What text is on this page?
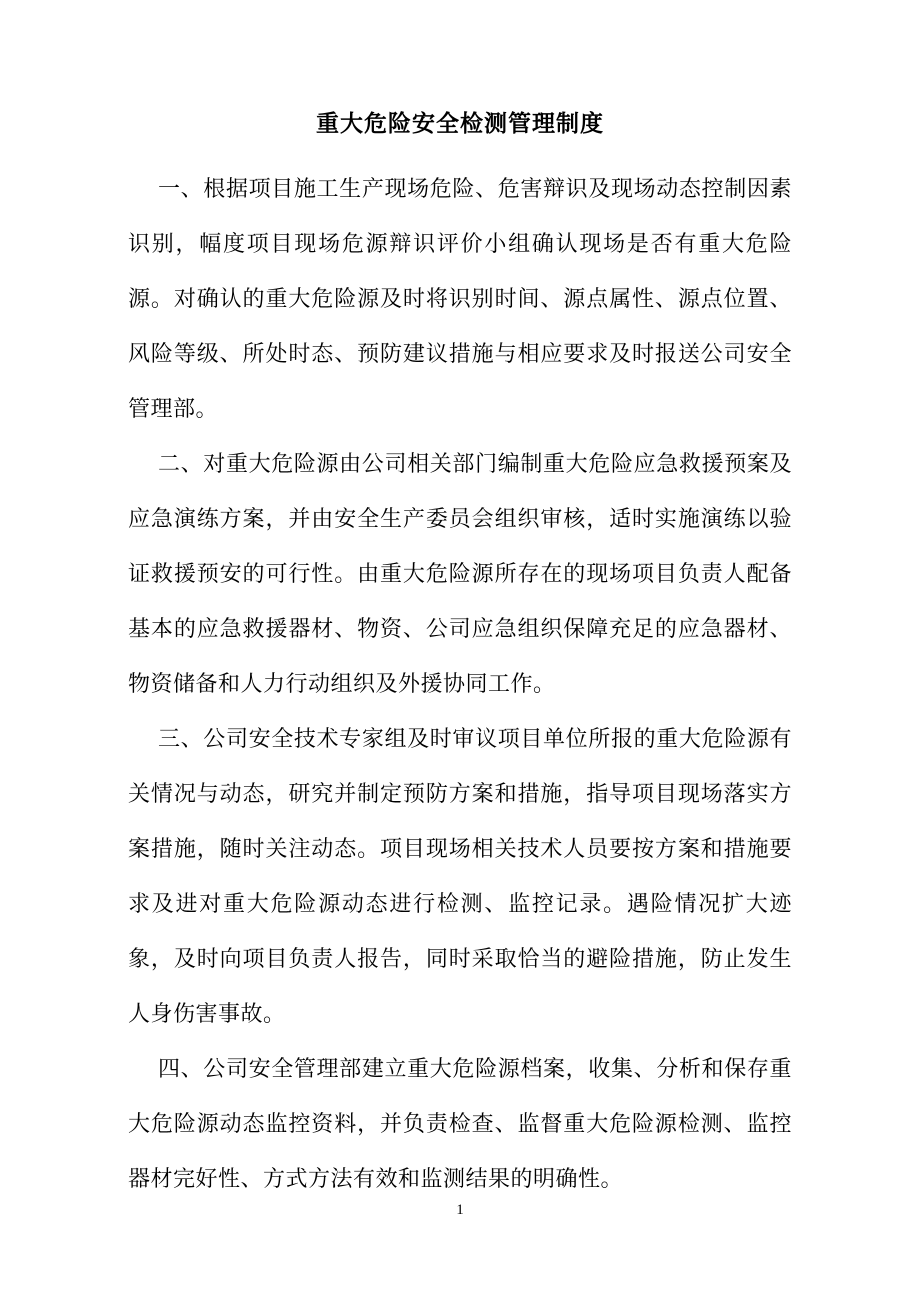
重大危险安全检测管理制度

一、根据项目施工生产现场危险、危害辩识及现场动态控制因素识别，幅度项目现场危源辩识评价小组确认现场是否有重大危险源。对确认的重大危险源及时将识别时间、源点属性、源点位置、风险等级、所处时态、预防建议措施与相应要求及时报送公司安全管理部。

二、对重大危险源由公司相关部门编制重大危险应急救援预案及应急演练方案，并由安全生产委员会组织审核，适时实施演练以验证救援预安的可行性。由重大危险源所存在的现场项目负责人配备基本的应急救援器材、物资、公司应急组织保障充足的应急器材、物资储备和人力行动组织及外援协同工作。

三、公司安全技术专家组及时审议项目单位所报的重大危险源有关情况与动态，研究并制定预防方案和措施，指导项目现场落实方案措施，随时关注动态。项目现场相关技术人员要按方案和措施要求及进对重大危险源动态进行检测、监控记录。遇险情况扩大迹象，及时向项目负责人报告，同时采取恰当的避险措施，防止发生人身伤害事故。

四、公司安全管理部建立重大危险源档案，收集、分析和保存重大危险源动态监控资料，并负责检查、监督重大危险源检测、监控器材完好性、方式方法有效和监测结果的明确性。

1
